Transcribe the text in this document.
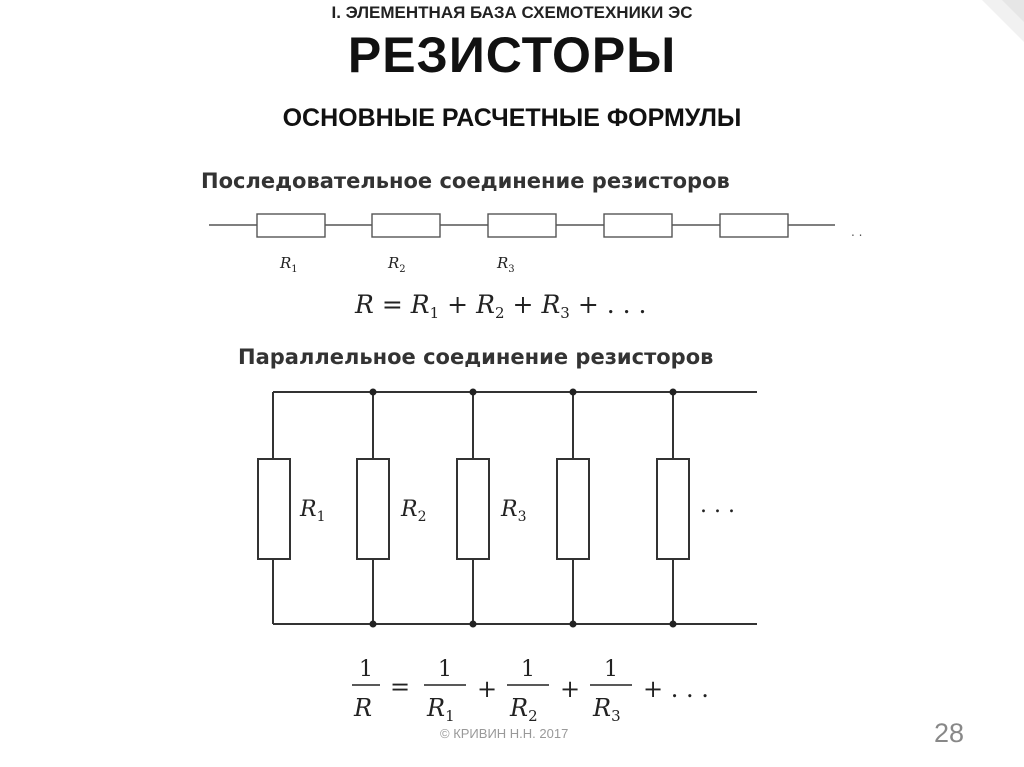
I. ЭЛЕМЕНТНАЯ БАЗА СХЕМОТЕХНИКИ ЭС
РЕЗИСТОРЫ
ОСНОВНЫЕ РАСЧЕТНЫЕ ФОРМУЛЫ
Последовательное соединение резисторов
. .
$R_1$	$R_2$	$R_3$
$R = R_1 + R_2 + R_3$ + . . .
Параллельное соединение резисторов
$R_1$	$R_2$	$R_3$	. . .
1
R
=
1
$R_1$
+
1
$R_2$
+
1
$R_3$
+ . . .
© КРИВИН Н.Н. 2017	28
